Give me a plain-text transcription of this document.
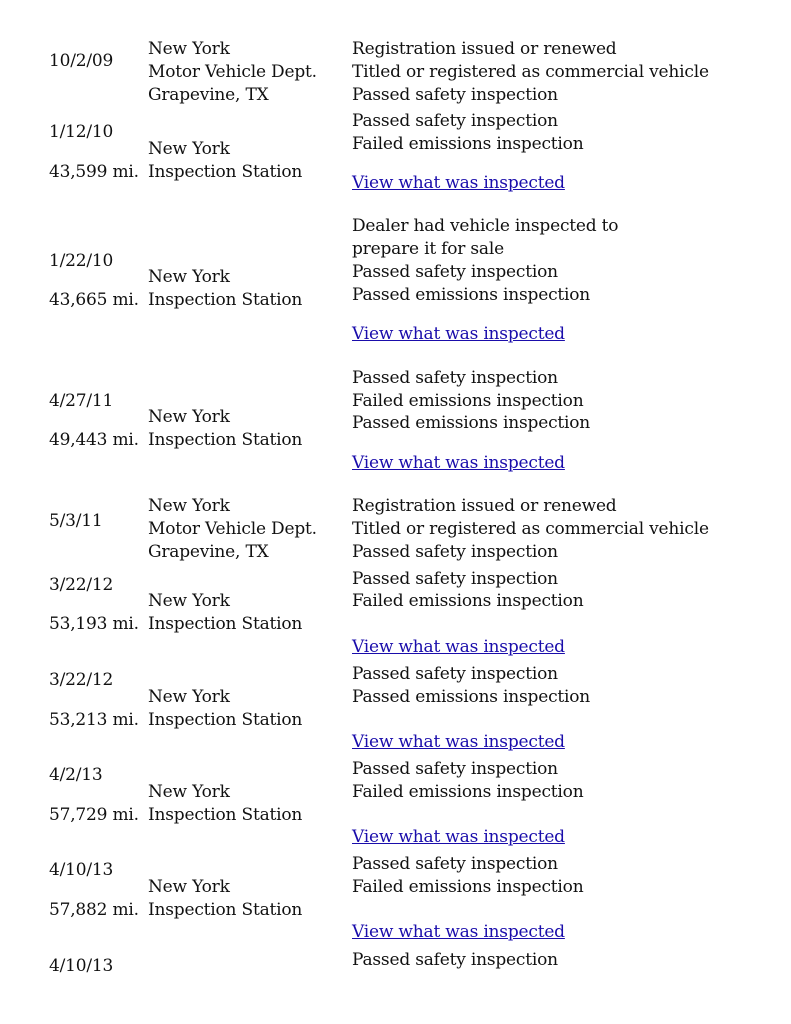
10/2/09
New York
Motor Vehicle Dept.
Grapevine, TX
Registration issued or renewed
Titled or registered as commercial vehicle
Passed safety inspection
1/12/10
43,599 mi.
New York
Inspection Station
Passed safety inspection
Failed emissions inspection
View what was inspected
1/22/10
43,665 mi.
New York
Inspection Station
Dealer had vehicle inspected to
prepare it for sale
Passed safety inspection
Passed emissions inspection
View what was inspected
4/27/11
49,443 mi.
New York
Inspection Station
Passed safety inspection
Failed emissions inspection
Passed emissions inspection
View what was inspected
5/3/11
New York
Motor Vehicle Dept.
Grapevine, TX
Registration issued or renewed
Titled or registered as commercial vehicle
Passed safety inspection
3/22/12
53,193 mi.
New York
Inspection Station
Passed safety inspection
Failed emissions inspection
View what was inspected
3/22/12
53,213 mi.
New York
Inspection Station
Passed safety inspection
Passed emissions inspection
View what was inspected
4/2/13
57,729 mi.
New York
Inspection Station
Passed safety inspection
Failed emissions inspection
View what was inspected
4/10/13
57,882 mi.
New York
Inspection Station
Passed safety inspection
Failed emissions inspection
View what was inspected
4/10/13	Passed safety inspection
